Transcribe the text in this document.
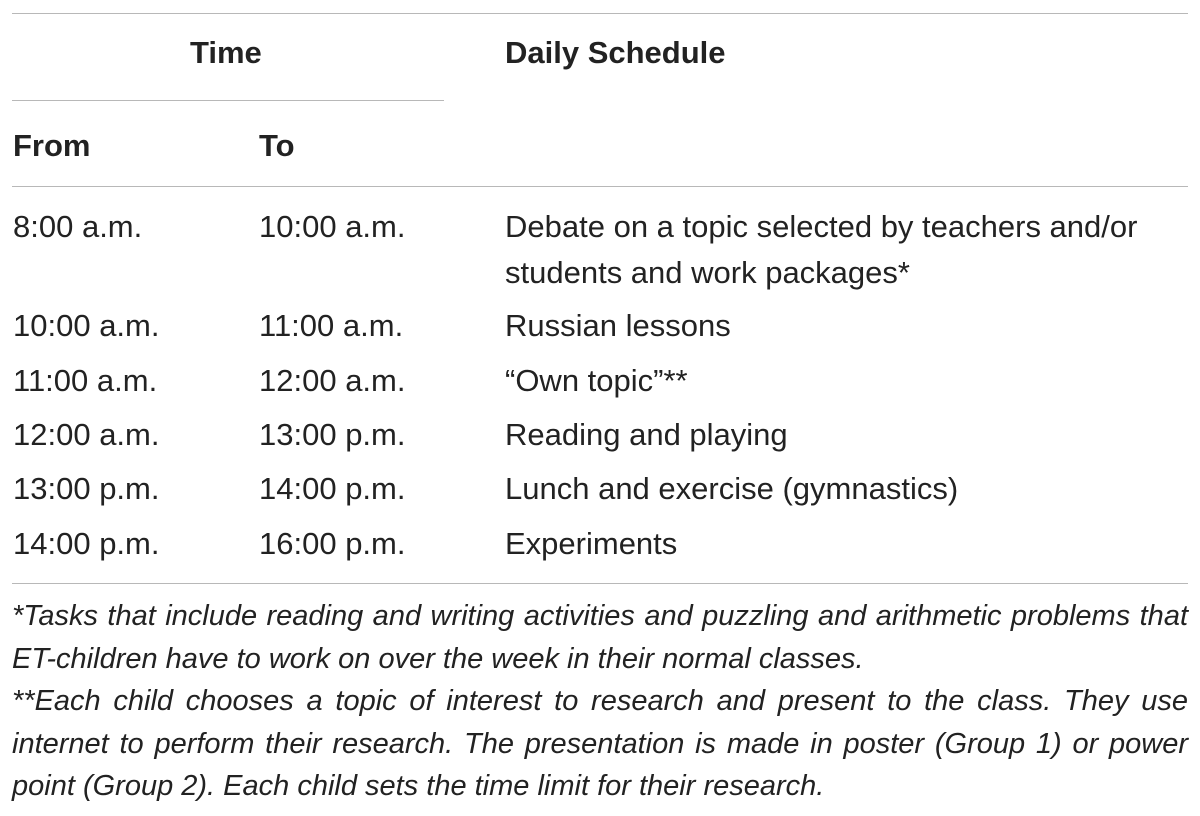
Time	Daily Schedule
From	To
8:00 a.m.	10:00 a.m.	Debate on a topic selected by teachers and/or students and work packages*
10:00 a.m.	11:00 a.m.	Russian lessons
11:00 a.m.	12:00 a.m.	“Own topic”**
12:00 a.m.	13:00 p.m.	Reading and playing
13:00 p.m.	14:00 p.m.	Lunch and exercise (gymnastics)
14:00 p.m.	16:00 p.m.	Experiments

*Tasks that include reading and writing activities and puzzling and arithmetic problems that ET-children have to work on over the week in their normal classes.

**Each child chooses a topic of interest to research and present to the class. They use internet to perform their research. The presentation is made in poster (Group 1) or power point (Group 2). Each child sets the time limit for their research.
